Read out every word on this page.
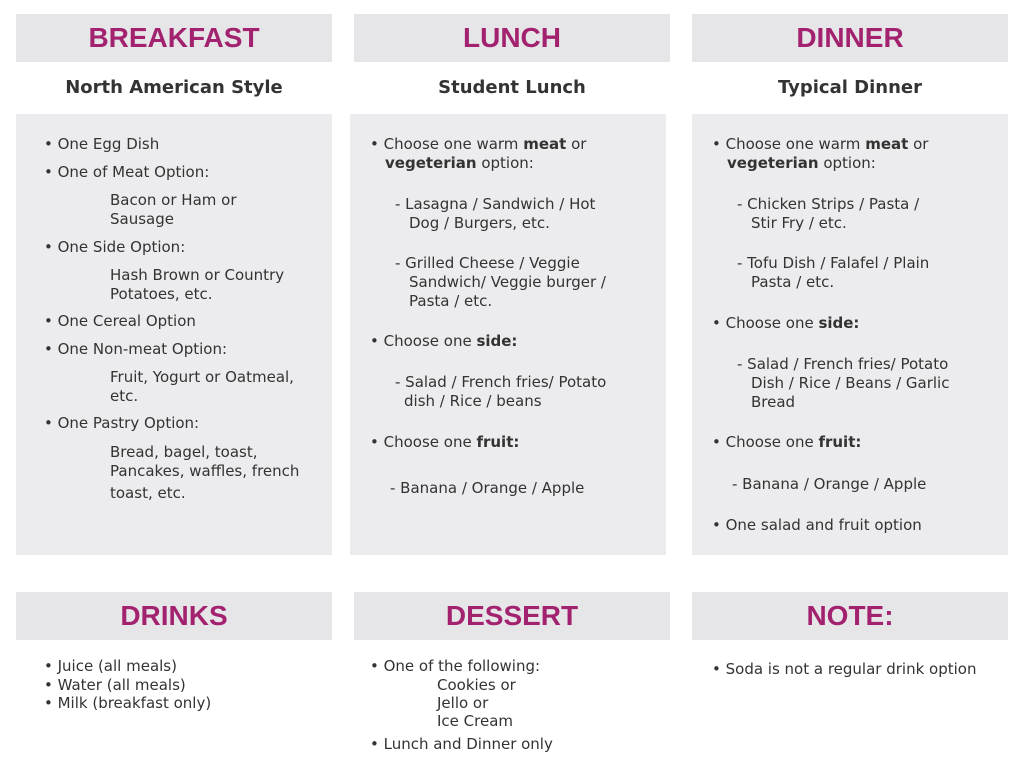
BREAKFAST	LUNCH	DINNER
North American Style	Student Lunch	Typical Dinner
• One Egg Dish
• One of Meat Option:
Bacon or Ham or
Sausage
• One Side Option:
Hash Brown or Country
Potatoes, etc.
• One Cereal Option
• One Non-meat Option:
Fruit, Yogurt or Oatmeal,
etc.
• One Pastry Option:
Bread, bagel, toast,
Pancakes, waffles, french
toast, etc.
• Choose one warm meat or
vegeterian option:
- Lasagna / Sandwich / Hot
Dog / Burgers, etc.
- Grilled Cheese / Veggie
Sandwich/ Veggie burger /
Pasta / etc.
• Choose one side:
- Salad / French fries/ Potato
dish / Rice / beans
• Choose one fruit:
- Banana / Orange / Apple
• Choose one warm meat or
vegeterian option:
- Chicken Strips / Pasta /
Stir Fry / etc.
- Tofu Dish / Falafel / Plain
Pasta / etc.
• Choose one side:
- Salad / French fries/ Potato
Dish / Rice / Beans / Garlic
Bread
• Choose one fruit:
- Banana / Orange / Apple
• One salad and fruit option
DRINKS	DESSERT	NOTE:
• Juice (all meals)
• Water (all meals)
• Milk (breakfast only)
• One of the following:
Cookies or
Jello or
Ice Cream
• Lunch and Dinner only
• Soda is not a regular drink option
